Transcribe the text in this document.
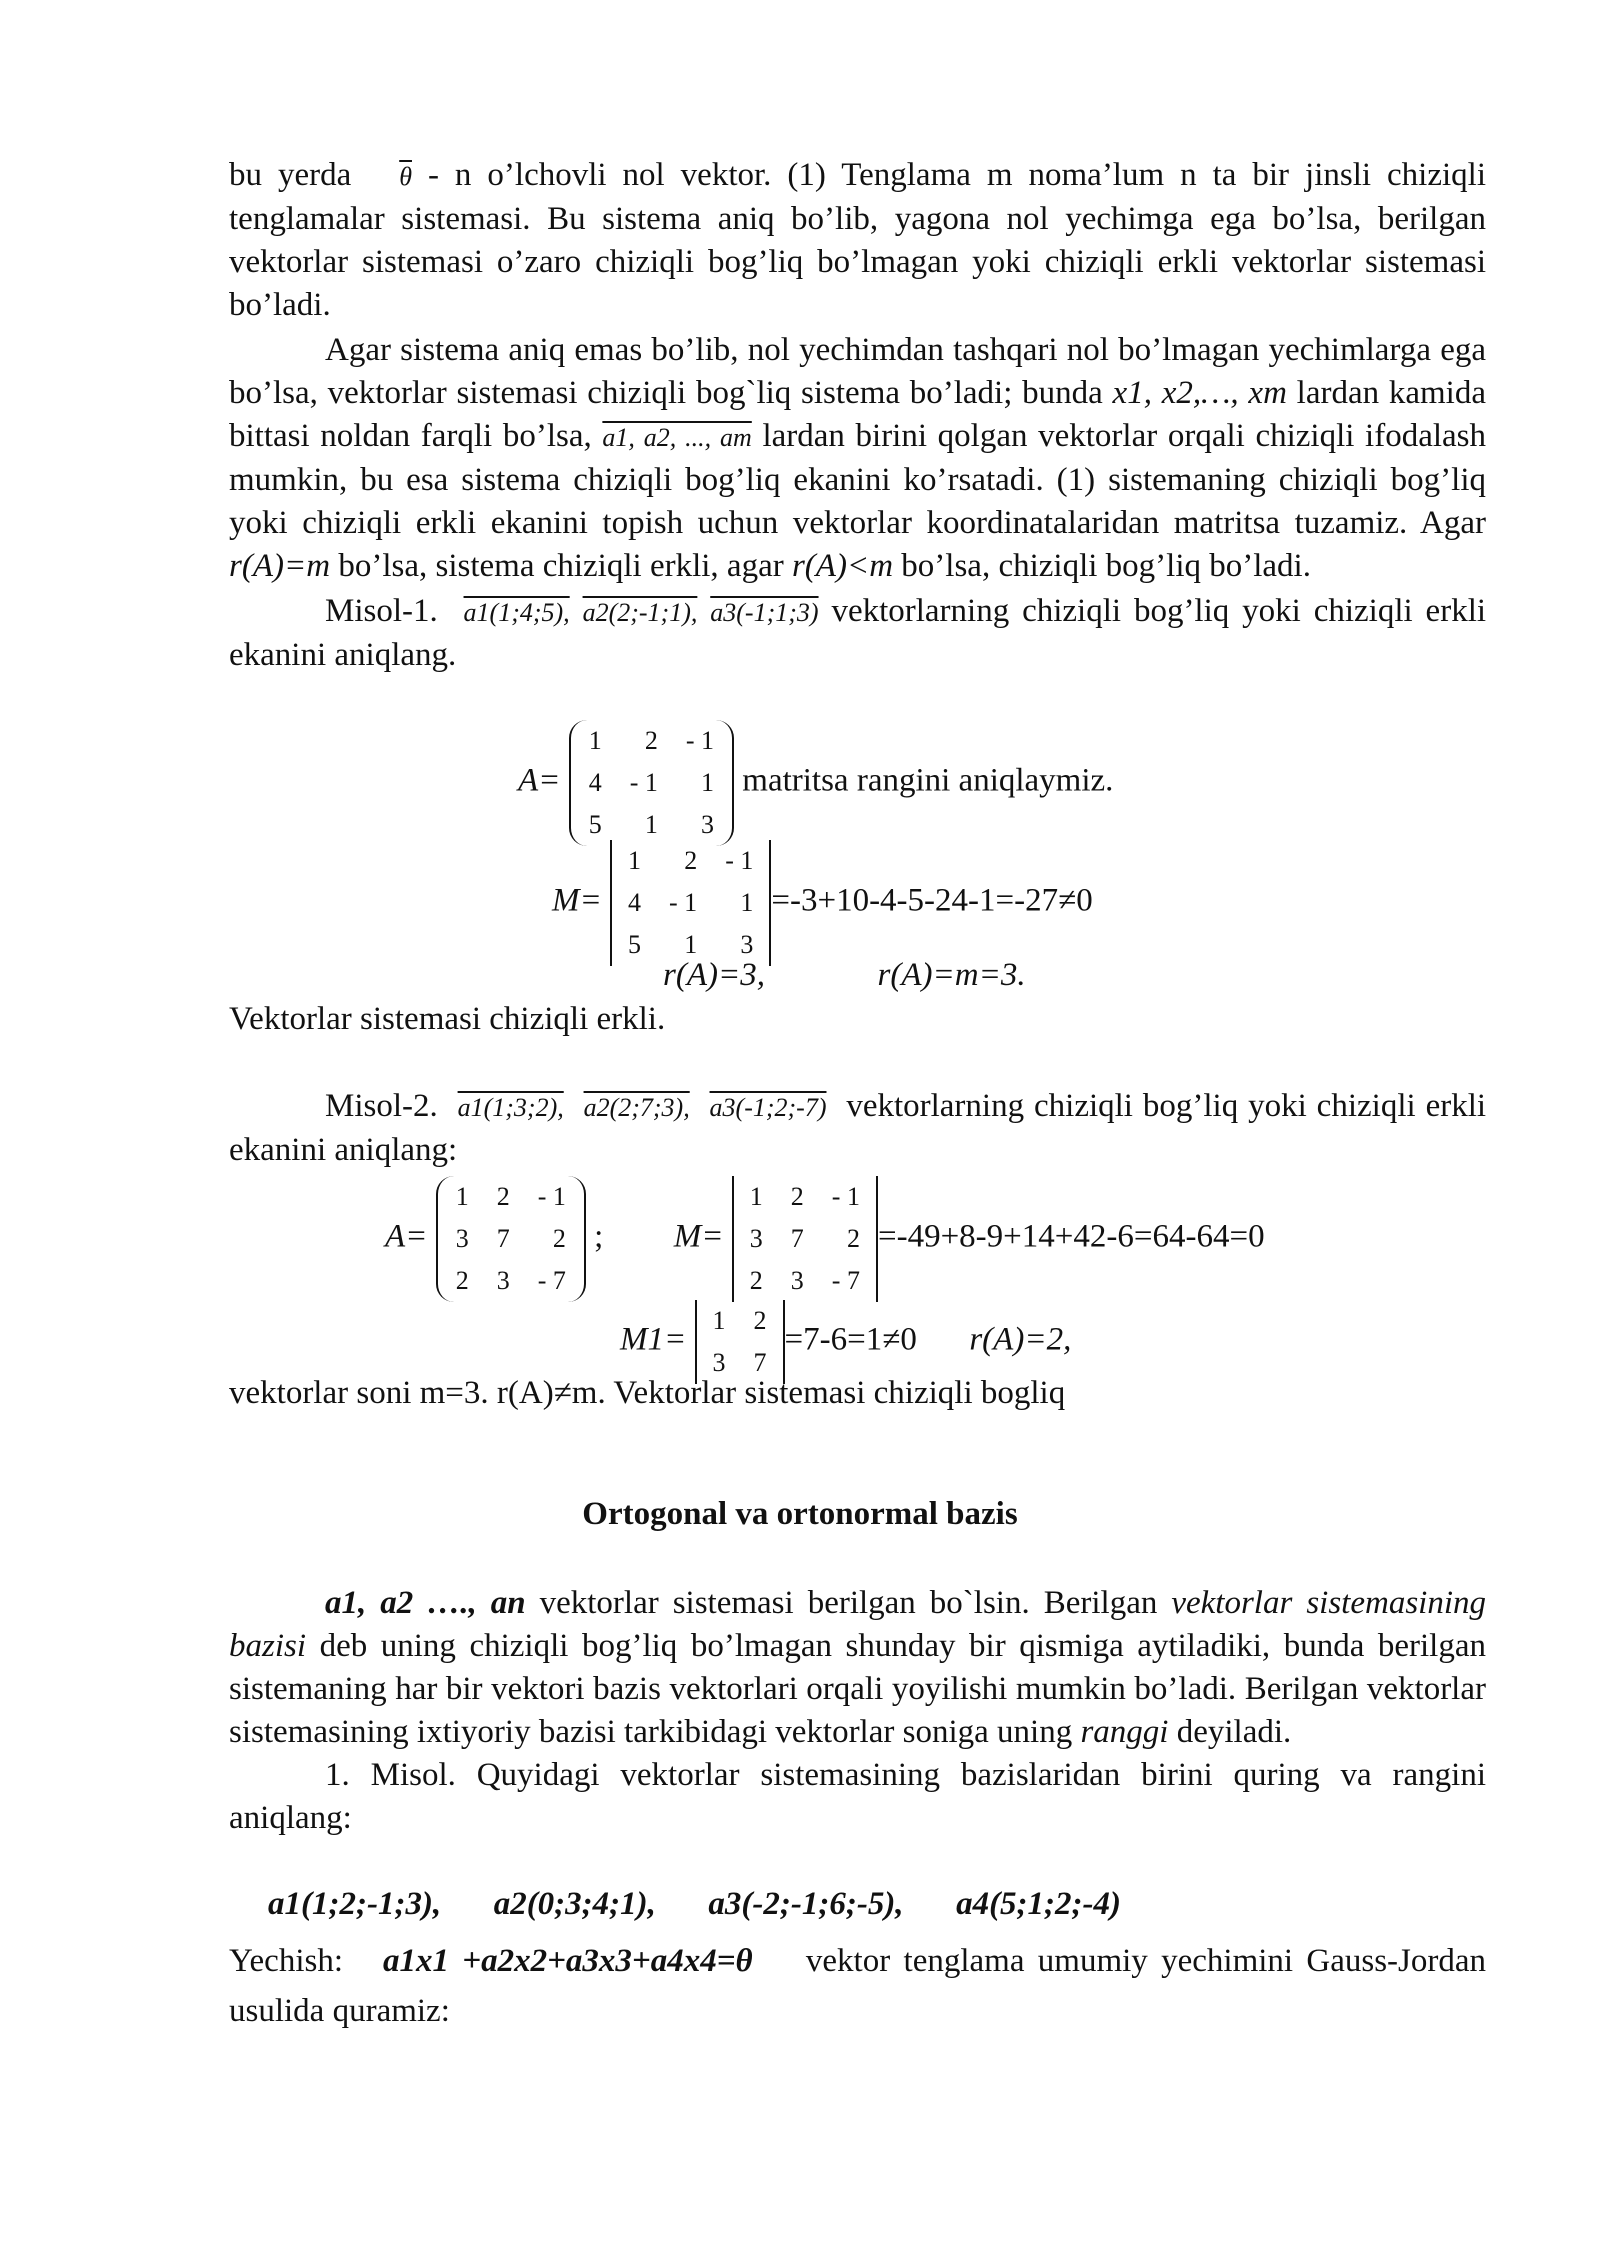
bu yerda $\overline{\theta}$ - n o’lchovli nol vektor. (1) Tenglama m noma’lum n ta bir jinsli chiziqli tenglamalar sistemasi. Bu sistema aniq bo’lib, yagona nol yechimga ega bo’lsa, berilgan vektorlar sistemasi o’zaro chiziqli bog’liq bo’lmagan yoki chiziqli erkli vektorlar sistemasi bo’ladi.

Agar sistema aniq emas bo’lib, nol yechimdan tashqari nol bo’lmagan yechimlarga ega bo’lsa, vektorlar sistemasi chiziqli bog`liq sistema bo’ladi; bunda x1, x2,…, xm lardan kamida bittasi noldan farqli bo’lsa, a1, a2, ..., am lardan birini qolgan vektorlar orqali chiziqli ifodalash mumkin, bu esa sistema chiziqli bog’liq ekanini ko’rsatadi. (1) sistemaning chiziqli bog’liq yoki chiziqli erkli ekanini topish uchun vektorlar koordinatalaridan matritsa tuzamiz. Agar r(A)=m bo’lsa, sistema chiziqli erkli, agar r(A)<m bo’lsa, chiziqli bog’liq bo’ladi.

Misol-1. a1(1;4;5), a2(2;-1;1), a3(-1;1;3) vektorlarning chiziqli bog’liq yoki chiziqli erkli ekanini aniqlang.

A=
1	2	- 1
4	- 1	1
5	1	3
matritsa rangini aniqlaymiz.
M=
1	2	- 1
4	- 1	1
5	1	3
=-3+10-4-5-24-1=-27≠0
r(A)=3,	r(A)=m=3.
Vektorlar sistemasi chiziqli erkli.

Misol-2. a1(1;3;2), a2(2;7;3), a3(-1;2;-7) vektorlarning chiziqli bog’liq yoki chiziqli erkli ekanini aniqlang:

A=
1	2	- 1
3	7	2
2	3	- 7
; M=
1	2	- 1
3	7	2
2	3	- 7
=-49+8-9+14+42-6=64-64=0
M1=
1	2
3	7
=7-6=1≠0 r(A)=2,
vektorlar soni m=3. r(A)≠m. Vektorlar sistemasi chiziqli bogliq
Ortogonal va ortonormal bazis

a1, a2 …., an vektorlar sistemasi berilgan bo`lsin. Berilgan vektorlar sistemasining bazisi deb uning chiziqli bog’liq bo’lmagan shunday bir qismiga aytiladiki, bunda berilgan sistemaning har bir vektori bazis vektorlari orqali yoyilishi mumkin bo’ladi. Berilgan vektorlar sistemasining ixtiyoriy bazisi tarkibidagi vektorlar soniga uning ranggi deyiladi.

1. Misol. Quyidagi vektorlar sistemasining bazislaridan birini quring va rangini aniqlang:

a1(1;2;-1;3), a2(0;3;4;1), a3(-2;-1;6;-5), a4(5;1;2;-4)

Yechish: a1x1 +a2x2+a3x3+a4x4=θ vektor tenglama umumiy yechimini Gauss-Jordan usulida quramiz:
